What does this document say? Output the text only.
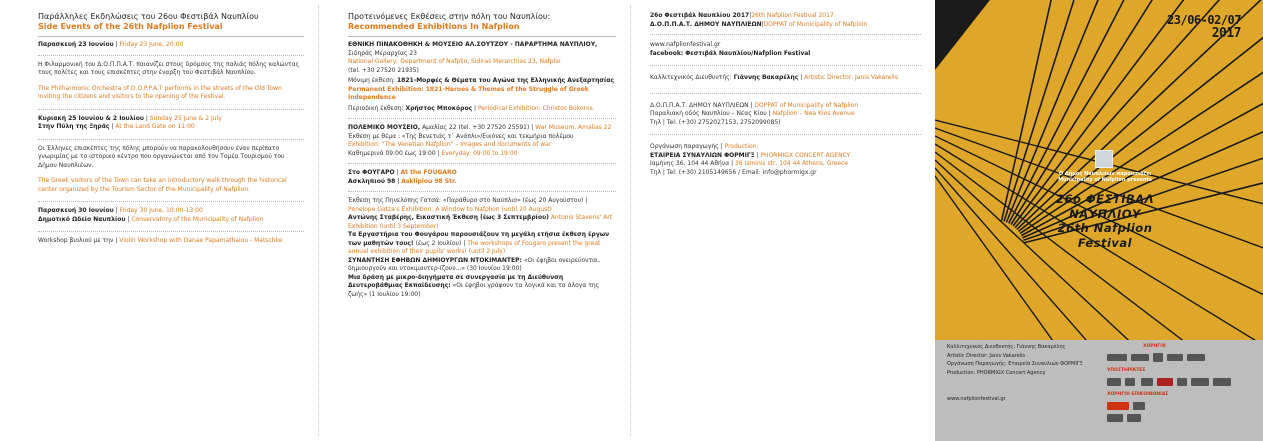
Παράλληλες Εκδηλώσεις του 26ου Φεστιβάλ Ναυπλίου
Side Events of the 26th Nafplion Festival
Παρασκευή 23 Ιουνίου | Friday 23 June, 20:00
Η Φιλαρμονική του Δ.Ο.Π.Π.Α.Τ. παιανίζει στους δρόμους της παλιάς πόλης καλώντας τους πολίτες και τους επισκέπτες στην έναρξη του Φεστιβάλ Ναυπλίου.
The Philharmonic Orchestra of D.O.P.P.A.T performs in the streets of the Old Town inviting the citizens and visitors to the opening of the Festival.
Κυριακή 25 Ιουνίου & 2 Ιουλίου | Sunday 25 June & 2 July
Στην Πύλη της Ξηράς | At the Land Gate on 11:00
Οι Έλληνες επισκέπτες της πόλης μπορούν να παρακολουθήσουν έναν περίπατο γνωριμίας με το ιστορικό κέντρο που οργανώνεται από τον Τομέα Τουρισμού του Δήμου Ναυπλιέων.
The Greek visitors of the Town can take an introductory walk through the historical center organized by the Tourism Sector of the Municipality of Nafplion.
Παρασκευή 30 Ιουνίου | Friday 30 June, 10:00-13:00
Δημοτικό Ωδείο Ναυπλίου | Conservatory of the Municipality of Nafplion
Workshop βιολιού με την | Violin Workshop with Danae Papamathaiou - Matschke
Προτεινόμενες Εκθέσεις στην πόλη του Ναυπλίου:
Recommended Exhibitions In Nafplion
ΕΘΝΙΚΗ ΠΙΝΑΚΟΘΗΚΗ & ΜΟΥΣΕΙΟ ΑΛ.ΣΟΥΤΖΟΥ - ΠΑΡΑΡΤΗΜΑ ΝΑΥΠΛΙΟΥ, Σιδηράς Μεραρχίας 23
National Gallery- Department of Nafplio, Sidiras Merarchias 23, Nafplio
(tel. +30 27520 21935)
Μόνιμη έκθεση: 1821-Μορφές & Θέματα του Αγώνα της Ελληνικής Ανεξαρτησίας
Permanent Exhibition: 1821-Heroes & Themes of the Struggle of Greek Independence
Περιοδική έκθεση: Χρήστος Μποκόρος | Periodical Exhibition: Christos Bokoros.
ΠΟΛΕΜΙΚΟ ΜΟΥΣΕΙΟ, Αμαλίας 22 (tel. +30 27520 25591) | War Museum, Amalias 22
Έκθεση με θέμα : «Της Βενετιάς τ΄ Ανάπλι»/Εικόνες και τεκμήρια πολέμου
Exhibition: "The Venetian Nafplion" – Images and documents of war
Καθημερινά 09:00 έως 19:00 | Everyday: 09:00 to 19:00
Στο ΦΟΥΓΑΡΟ | At the FOUGARO
Ασκληπιού 98 | Asklipiou 98 Str.
Έκθεση της Πηνελόπης Γατσά: «Παράθυρο στο Ναύπλιο» (έως 20 Αυγούστου) | Penelope Gatza's Exhibition: A Window to Nafplion (until 20 August)
Αντώνης Σταβέρης, Εικαστική Έκθεση (έως 3 Σεπτεμβρίου) Antonis Staveris' Art Exhibition (until 3 September)
Τα Εργαστήρια του Φουγάρου παρουσιάζουν τη μεγάλη ετήσια έκθεση έργων των μαθητών τους! (έως 2 Ιουλίου) | The workshops of Fougaro present the great annual exhibition of their pupils' works! (until 2 July)
ΣΥΝΑΝΤΗΣΗ ΕΦΗΒΩΝ ΔΗΜΙΟΥΡΓΩΝ ΝΤΟΚΙΜΑΝΤΕΡ: «Οι έφηβοι ονειρεύονται, δημιουργούν και ντοκιμαντερ-ίζουν...» (30 Ιουνίου 19:00)
Μια δράση με μικρο-διηγήματα σε συνεργασία με τη Διεύθυνση Δευτεροβάθμιας Εκπαίδευσης: «Οι έφηβοι γράφουν τα λογικά και τα άλογα της ζωής» (1 Ιουλίου 19:00)
26ο Φεστιβάλ Ναυπλίου 2017|26th Nafplion Festival 2017
Δ.Ο.Π.Π.Α.Τ. ΔΗΜΟΥ ΝΑΥΠΛΙΕΩΝ|DOPPAT of Municipality of Nafplion
www.nafplionfestival.gr
facebook: Φεστιβάλ Ναυπλίου/Nafplion Festival
Καλλιτεχνικός Διευθυντής: Γιάννης Βακαρέλης | Artistic Director: Janis Vakarelis
Δ.Ο.Π.Π.Α.Τ. ΔΗΜΟΥ ΝΑΥΠΛΙΕΩΝ | DOPPAT of Municipality of Nafplion
Παραλιακή οδός Ναυπλίου – Νέας Κίου | Nafplion – Nea Kios Avenue
Τηλ | Tel: (+30) 2752027153, 2752099085)
Οργάνωση παραγωγής | Production:
ΕΤΑΙΡΕΙΑ ΣΥΝΑΥΛΙΩΝ ΦΟΡΜΙΓΞ | PHORMIGX CONCERT AGENCY
Ιαμήνης 36, 104 44 Αθήνα | 36 Isminis str, 104 44 Athens, Greece
Τηλ | Tel: (+30) 2105149656 / Email: info@phormigx.gr
23/06-02/07
2017
Ο Δήμος Ναυπλιέων παρουσιάζει
Municipality of Nafplion presents
26ο ΦΕΣΤΙΒΑΛ
ΝΑΥΠΛΙΟΥ
26th Nafplion
Festival
Καλλιτεχνικός Διευθυντής: Γιάννης Βακαρέλης
Artistic Director: Janis Vakarelis
Οργάνωση Παραγωγής: Εταιρεία Συναυλιών ΦΟΡΜΙΓΞ
Production: PHORMIGX Concert Agency
www.nafplionfestival.gr
ΧΟΡΗΓΟΙ
ΥΠΟΣΤΗΡΙΚΤΕΣ
ΧΟΡΗΓΟΙ ΕΠΙΚΟΙΝΩΝΙΑΣ
